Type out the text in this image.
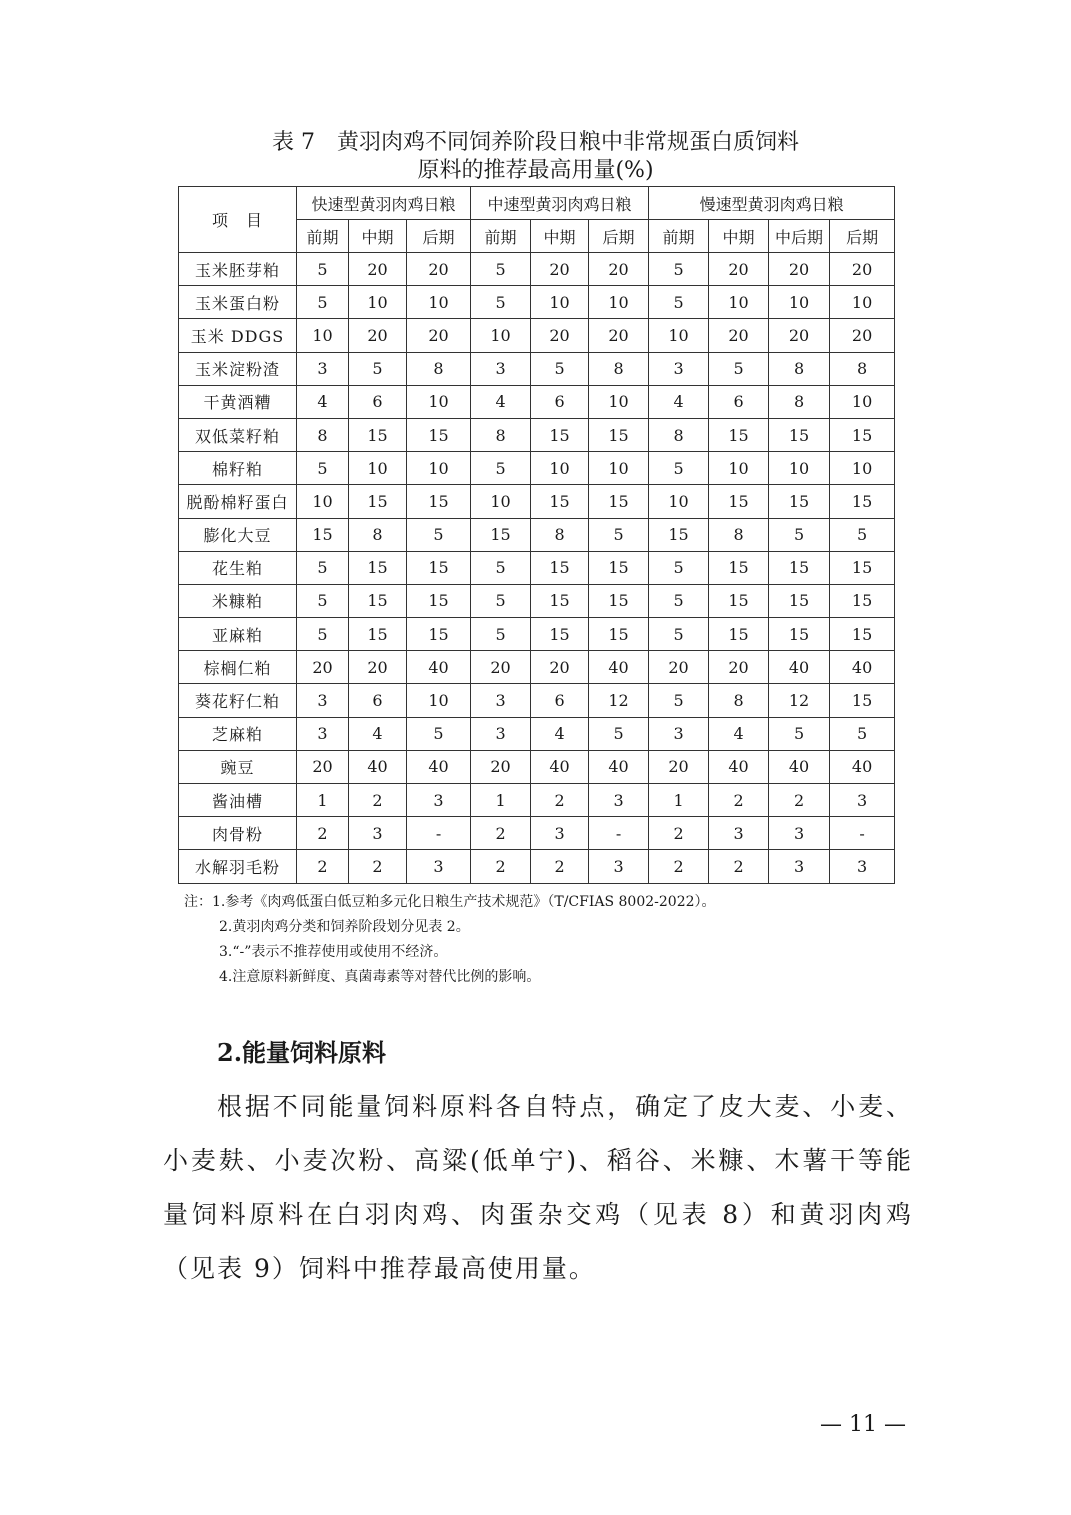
表 7　黄羽肉鸡不同饲养阶段日粮中非常规蛋白质饲料
原料的推荐最高用量(%)
项　目	快速型黄羽肉鸡日粮			中速型黄羽肉鸡日粮			慢速型黄羽肉鸡日粮			
	前期	中期	后期	前期	中期	后期	前期	中期	中后期	后期
玉米胚芽粕	5	20	20	5	20	20	5	20	20	20
玉米蛋白粉	5	10	10	5	10	10	5	10	10	10
玉米 DDGS	10	20	20	10	20	20	10	20	20	20
玉米淀粉渣	3	5	8	3	5	8	3	5	8	8
干黄酒糟	4	6	10	4	6	10	4	6	8	10
双低菜籽粕	8	15	15	8	15	15	8	15	15	15
棉籽粕	5	10	10	5	10	10	5	10	10	10
脱酚棉籽蛋白	10	15	15	10	15	15	10	15	15	15
膨化大豆	15	8	5	15	8	5	15	8	5	5
花生粕	5	15	15	5	15	15	5	15	15	15
米糠粕	5	15	15	5	15	15	5	15	15	15
亚麻粕	5	15	15	5	15	15	5	15	15	15
棕榈仁粕	20	20	40	20	20	40	20	20	40	40
葵花籽仁粕	3	6	10	3	6	12	5	8	12	15
芝麻粕	3	4	5	3	4	5	3	4	5	5
豌豆	20	40	40	20	40	40	20	40	40	40
酱油槽	1	2	3	1	2	3	1	2	2	3
肉骨粉	2	3	-	2	3	-	2	3	3	-
水解羽毛粉	2	2	3	2	2	3	2	2	3	3
注：1.参考《肉鸡低蛋白低豆粕多元化日粮生产技术规范》（T/CFIAS 8002-2022）。
2.黄羽肉鸡分类和饲养阶段划分见表 2。
3.“-”表示不推荐使用或使用不经济。
4.注意原料新鲜度、真菌毒素等对替代比例的影响。
2.能量饲料原料
根据不同能量饲料原料各自特点，确定了皮大麦、小麦、小麦麸、小麦次粉、高粱(低单宁)、稻谷、米糠、木薯干等能量饲料原料在白羽肉鸡、肉蛋杂交鸡（见表 8）和黄羽肉鸡（见表 9）饲料中推荐最高使用量。
— 11 —
